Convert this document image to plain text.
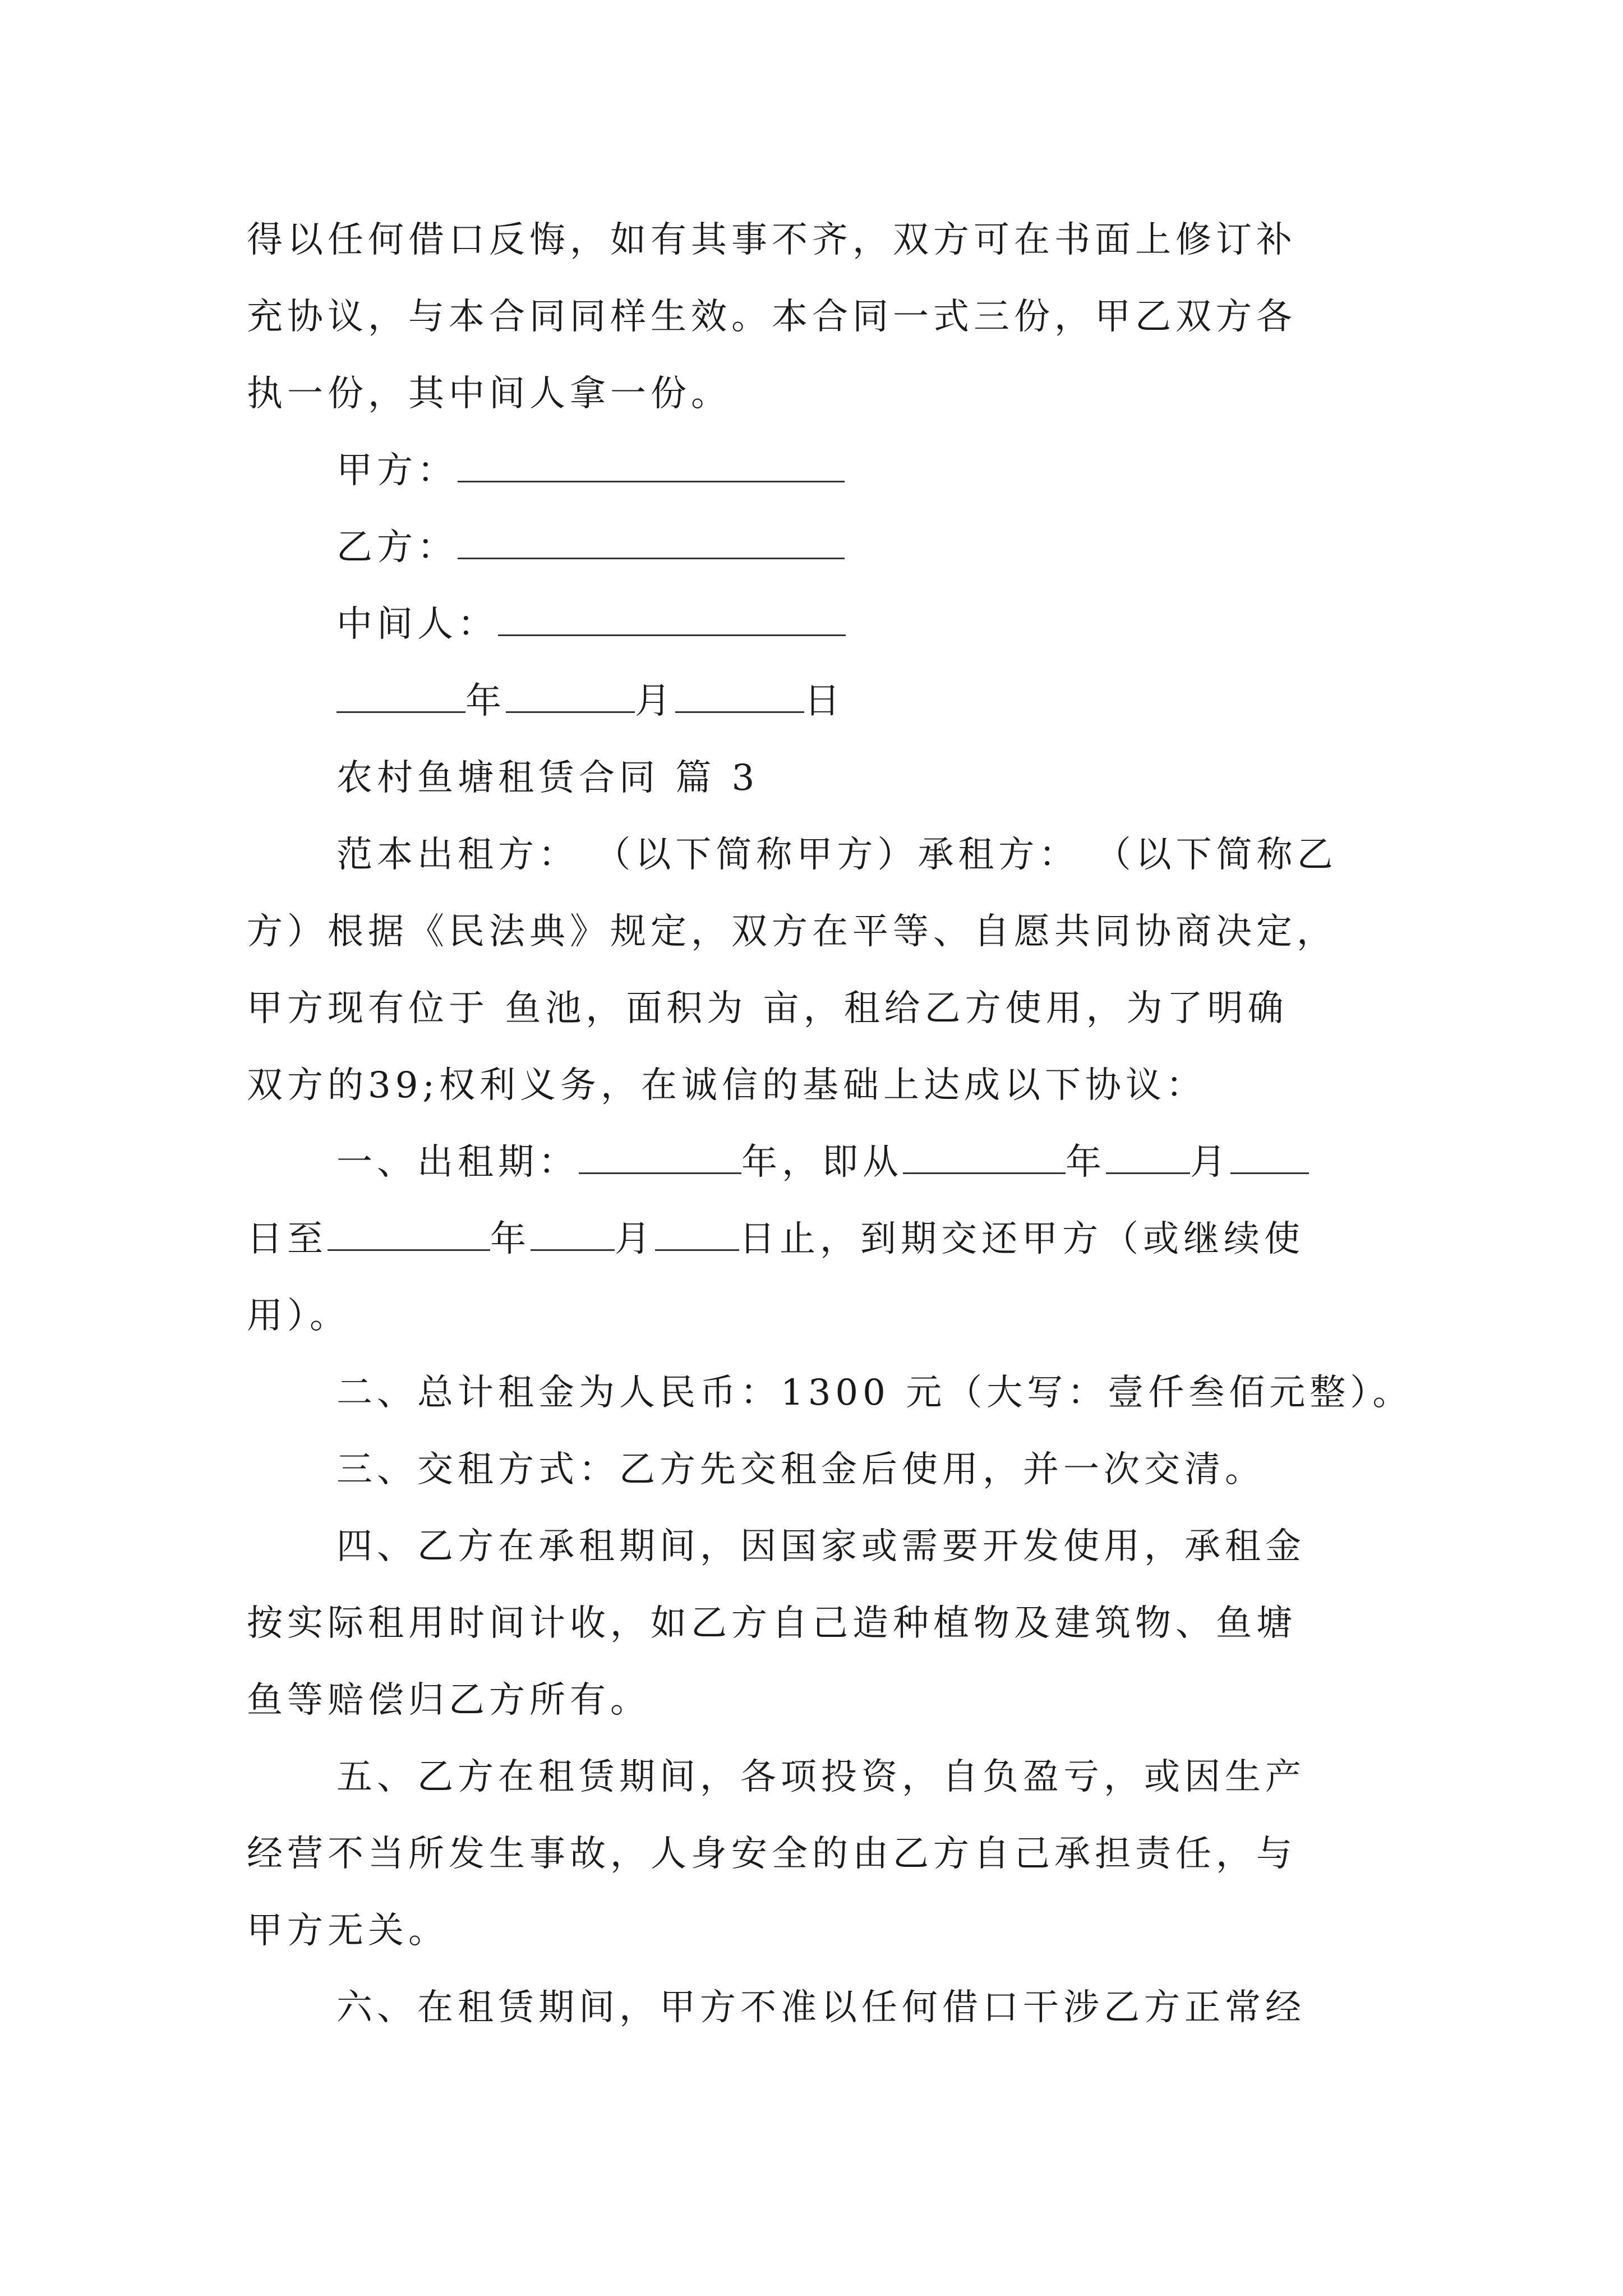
得以任何借口反悔，如有其事不齐，双方可在书面上修订补
充协议，与本合同同样生效。本合同一式三份，甲乙双方各
执一份，其中间人拿一份。
甲方：
乙方：
中间人：
年	月	日
农村鱼塘租赁合同 篇 3
范本出租方： （以下简称甲方）承租方： （以下简称乙
方）根据《民法典》规定，双方在平等、自愿共同协商决定，
甲方现有位于 鱼池，面积为 亩，租给乙方使用，为了明确
双方的39;权利义务，在诚信的基础上达成以下协议：
一、出租期：	年，即从	年 月
日至	年 月 日止，到期交还甲方（或继续使
用）。
二、总计租金为人民币：1300 元（大写：壹仟叁佰元整）。
三、交租方式：乙方先交租金后使用，并一次交清。
四、乙方在承租期间，因国家或需要开发使用，承租金
按实际租用时间计收，如乙方自己造种植物及建筑物、鱼塘
鱼等赔偿归乙方所有。
五、乙方在租赁期间，各项投资，自负盈亏，或因生产
经营不当所发生事故，人身安全的由乙方自己承担责任，与
甲方无关。
六、在租赁期间，甲方不准以任何借口干涉乙方正常经
